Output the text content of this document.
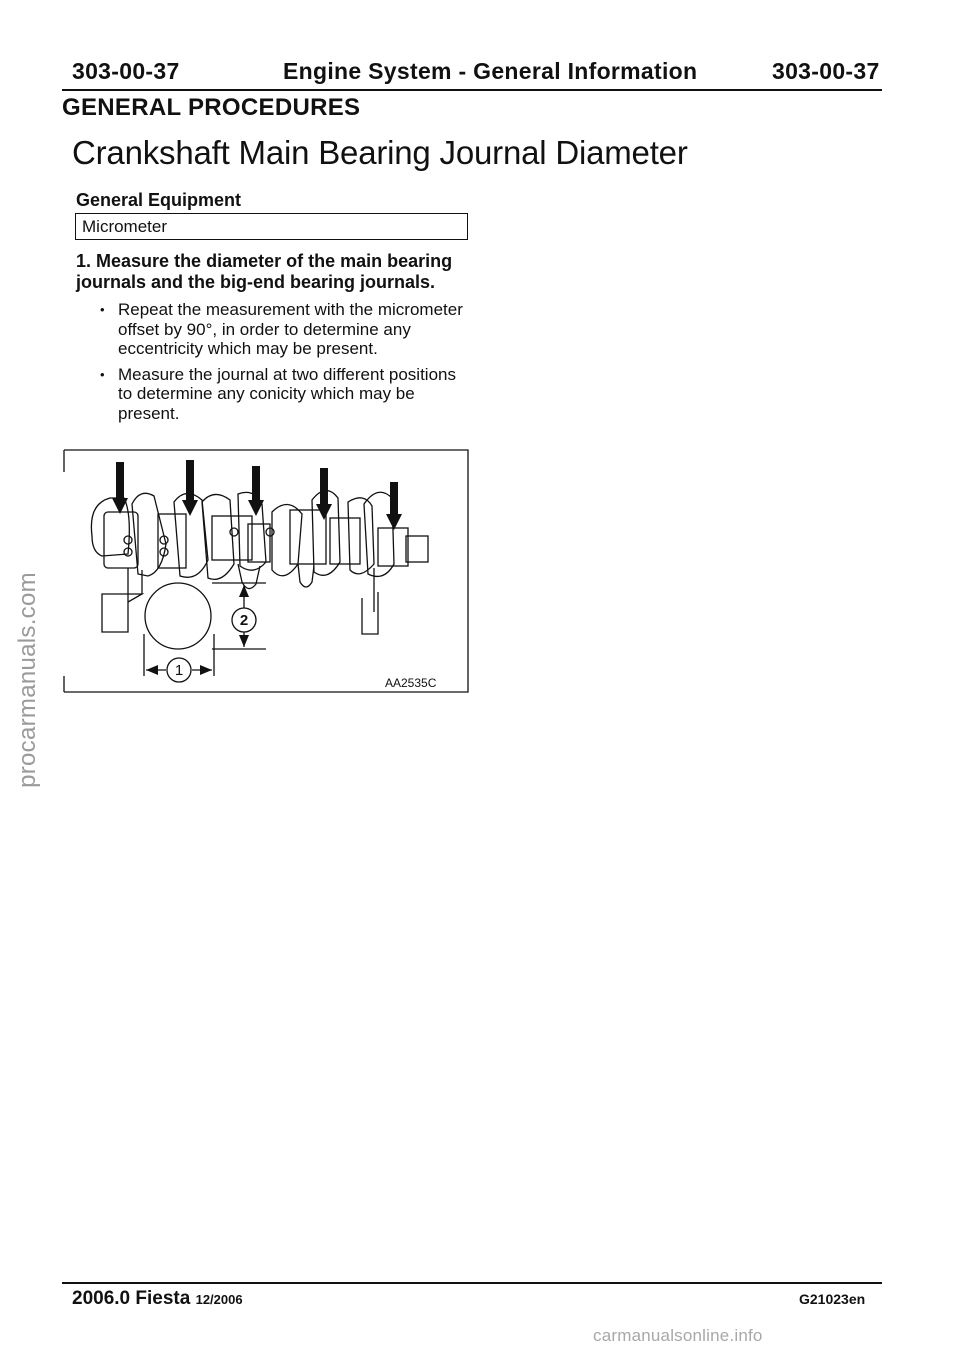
303-00-37	Engine System - General Information	303-00-37
GENERAL PROCEDURES
Crankshaft Main Bearing Journal Diameter
General Equipment
Micrometer
1. Measure the diameter of the main bearing journals and the big-end bearing journals.
• Repeat the measurement with the micrometer offset by 90°, in order to determine any eccentricity which may be present.
• Measure the journal at two different positions to determine any conicity which may be present.
1
2
AA2535C
procarmanuals.com
2006.0 Fiesta 12/2006	G21023en
carmanualsonline.info
